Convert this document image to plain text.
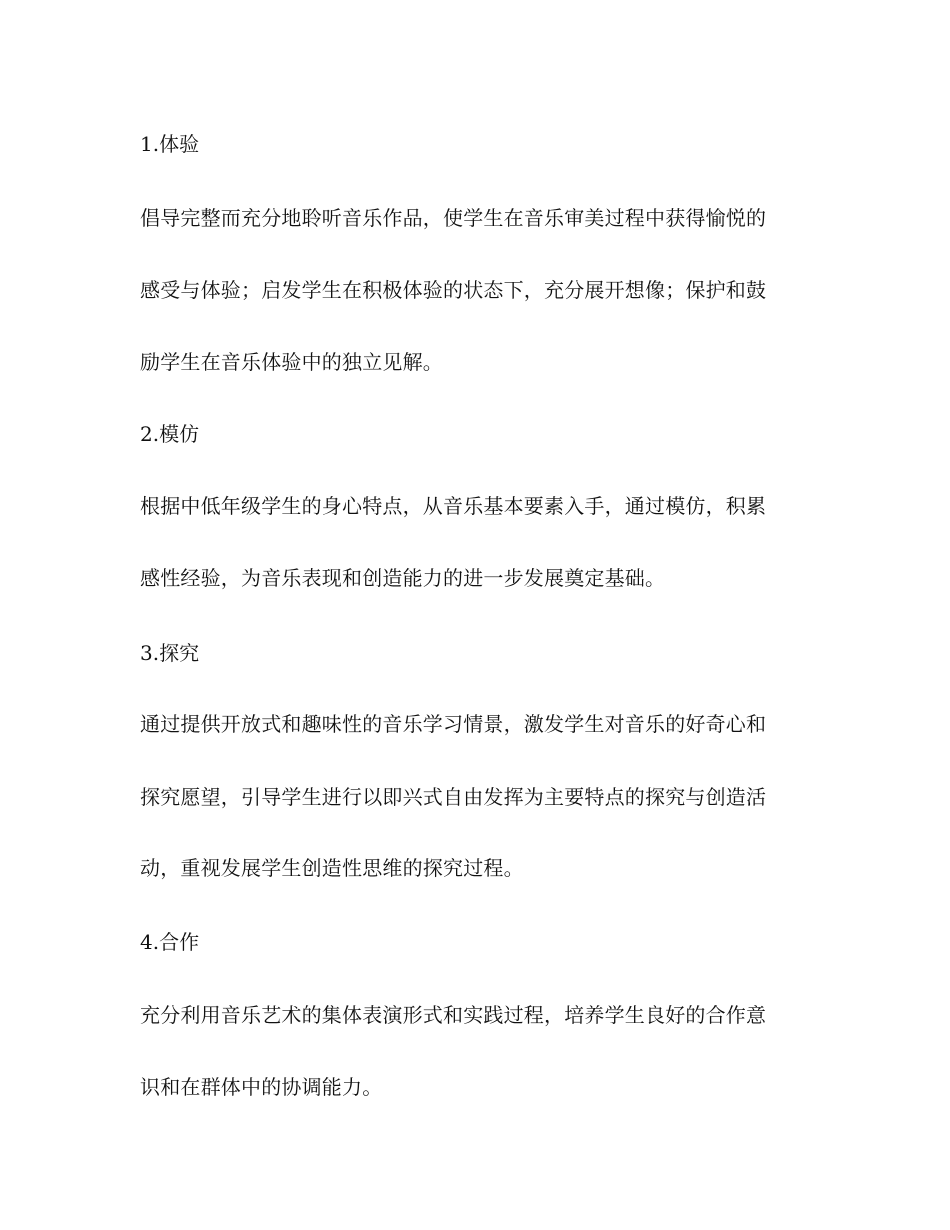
1.体验

倡导完整而充分地聆听音乐作品，使学生在音乐审美过程中获得愉悦的

感受与体验；启发学生在积极体验的状态下，充分展开想像；保护和鼓

励学生在音乐体验中的独立见解。

2.模仿

根据中低年级学生的身心特点，从音乐基本要素入手，通过模仿，积累

感性经验，为音乐表现和创造能力的进一步发展奠定基础。

3.探究

通过提供开放式和趣味性的音乐学习情景，激发学生对音乐的好奇心和

探究愿望，引导学生进行以即兴式自由发挥为主要特点的探究与创造活

动，重视发展学生创造性思维的探究过程。

4.合作

充分利用音乐艺术的集体表演形式和实践过程，培养学生良好的合作意

识和在群体中的协调能力。
